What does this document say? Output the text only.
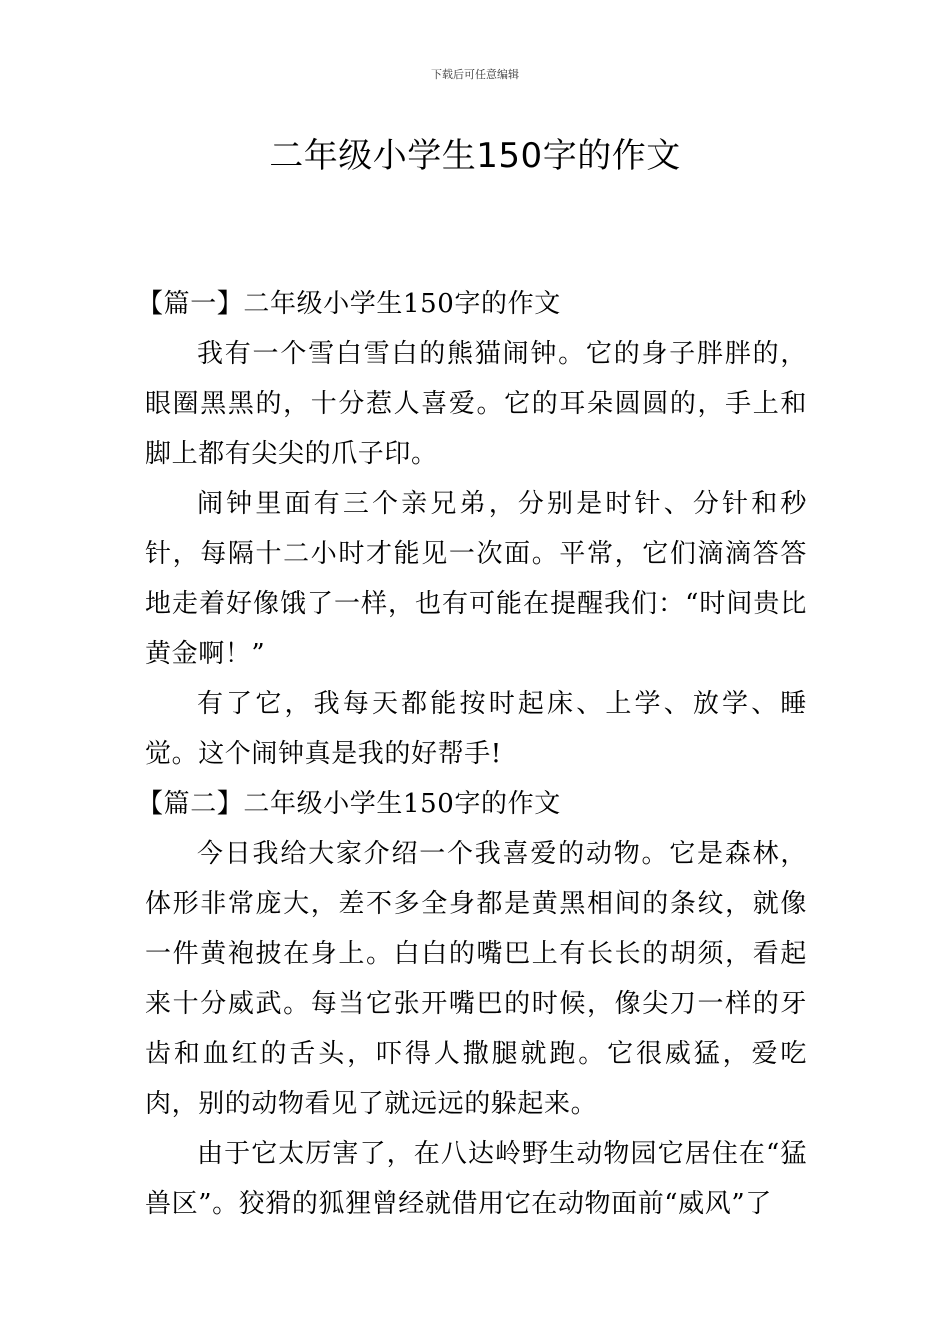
下载后可任意编辑
二年级小学生150字的作文

【篇一】二年级小学生150字的作文

我有一个雪白雪白的熊猫闹钟。它的身子胖胖的，眼圈黑黑的，十分惹人喜爱。它的耳朵圆圆的，手上和脚上都有尖尖的爪子印。

闹钟里面有三个亲兄弟，分别是时针、分针和秒针，每隔十二小时才能见一次面。平常，它们滴滴答答地走着好像饿了一样，也有可能在提醒我们：“时间贵比黄金啊！”

有了它，我每天都能按时起床、上学、放学、睡觉。这个闹钟真是我的好帮手!

【篇二】二年级小学生150字的作文

今日我给大家介绍一个我喜爱的动物。它是森林，体形非常庞大，差不多全身都是黄黑相间的条纹，就像一件黄袍披在身上。白白的嘴巴上有长长的胡须，看起来十分威武。每当它张开嘴巴的时候，像尖刀一样的牙齿和血红的舌头，吓得人撒腿就跑。它很威猛，爱吃肉，别的动物看见了就远远的躲起来。

由于它太厉害了，在八达岭野生动物园它居住在“猛兽区”。狡猾的狐狸曾经就借用它在动物面前“威风”了
